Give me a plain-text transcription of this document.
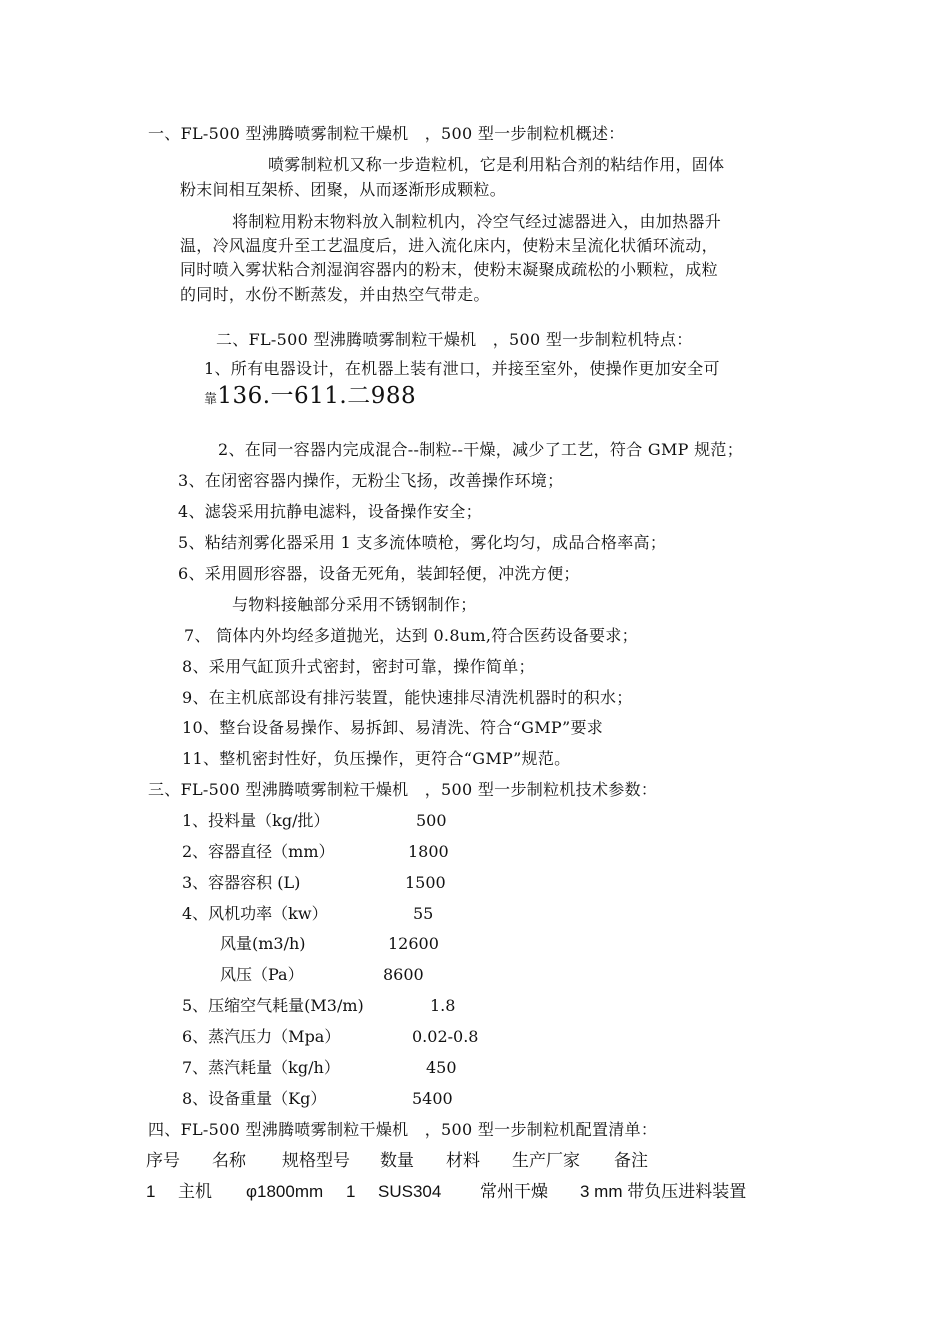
一、FL-500 型沸腾喷雾制粒干燥机　，500 型一步制粒机概述：
喷雾制粒机又称一步造粒机，它是利用粘合剂的粘结作用，固体
粉末间相互架桥、团聚，从而逐渐形成颗粒。
将制粒用粉末物料放入制粒机内，冷空气经过滤器进入，由加热器升
温，冷风温度升至工艺温度后，进入流化床内，使粉末呈流化状循环流动，
同时喷入雾状粘合剂湿润容器内的粉末，使粉末凝聚成疏松的小颗粒，成粒
的同时，水份不断蒸发，并由热空气带走。
二、FL-500 型沸腾喷雾制粒干燥机　，500 型一步制粒机特点：
1、所有电器设计，在机器上装有泄口，并接至室外，使操作更加安全可
靠136.一611.二988
2、在同一容器内完成混合--制粒--干燥，减少了工艺，符合 GMP 规范；
3、在闭密容器内操作，无粉尘飞扬，改善操作环境；
4、滤袋采用抗静电滤料，设备操作安全；
5、粘结剂雾化器采用 1 支多流体喷枪，雾化均匀，成品合格率高；
6、采用圆形容器，设备无死角，装卸轻便，冲洗方便；
与物料接触部分采用不锈钢制作；
7、 筒体内外均经多道抛光，达到 0.8um,符合医药设备要求；
8、采用气缸顶升式密封，密封可靠，操作简单；
9、在主机底部设有排污装置，能快速排尽清洗机器时的积水；
10、整台设备易操作、易拆卸、易清洗、符合“GMP”要求
11、整机密封性好，负压操作，更符合“GMP”规范。
三、FL-500 型沸腾喷雾制粒干燥机　，500 型一步制粒机技术参数：
1、投料量（kg/批）	500
2、容器直径（mm）	1800
3、容器容积 (L)	1500
4、风机功率（kw）	55
风量(m3/h)	12600
风压（Pa）	8600
5、压缩空气耗量(M3/m)	1.8
6、蒸汽压力（Mpa）	0.02-0.8
7、蒸汽耗量（kg/h）	450
8、设备重量（Kg）	5400
四、FL-500 型沸腾喷雾制粒干燥机　，500 型一步制粒机配置清单：
序号 名称 规格型号 数量 材料 生产厂家 备注
1 主机 φ1800mm 1 SUS304 常州干燥 3 mm 带负压进料装置
